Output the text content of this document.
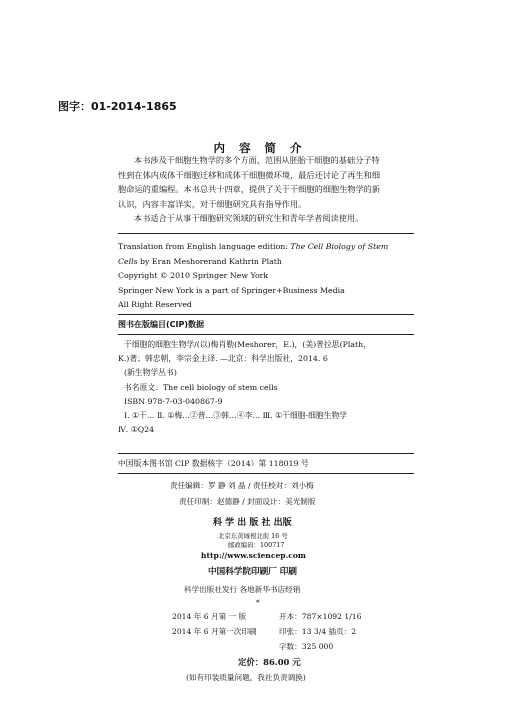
图字：01-2014-1865
内 容 简 介
本书涉及干细胞生物学的多个方面，范围从胚胎干细胞的基础分子特
性到在体内成体干细胞迁移和成体干细胞微环境，最后还讨论了再生和细
胞命运的重编程。本书总共十四章，提供了关于干细胞的细胞生物学的新
认识，内容丰富详实，对干细胞研究具有指导作用。
本书适合于从事干细胞研究领域的研究生和青年学者阅读使用。
Translation from English language edition: The Cell Biology of Stem
Cells by Eran Meshorerand Kathrin Plath
Copyright © 2010 Springer New York
Springer New York is a part of Springer+Business Media
All Right Reserved
图书在版编目(CIP)数据
干细胞的细胞生物学/(以)梅肖勒(Meshorer，E.)，(美)普拉思(Plath，
K.)著；韩忠朝，李宗金主译. —北京：科学出版社，2014. 6
(新生物学丛书)
书名原文：The cell biology of stem cells
ISBN 978-7-03-040867-9
Ⅰ. ①干… Ⅱ. ①梅…②普…③韩…④李… Ⅲ. ①干细胞-细胞生物学
Ⅳ. ①Q24
中国版本图书馆 CIP 数据核字（2014）第 118019 号
责任编辑：罗 静 刘 晶 / 责任校对：刘小梅
责任印制：赵德静 / 封面设计：美光制版
科 学 出 版 社 出版
北京东黄城根北街 16 号
邮政编码：100717
http://www.sciencep.com
中国科学院印刷厂 印刷
科学出版社发行 各地新华书店经销
*
2014 年 6 月第 一 版	开本：787×1092 1/16
2014 年 6 月第一次印刷	印张：13 3/4 插页：2
字数：325 000
定价：86.00 元
(如有印装质量问题，我社负责调换)
